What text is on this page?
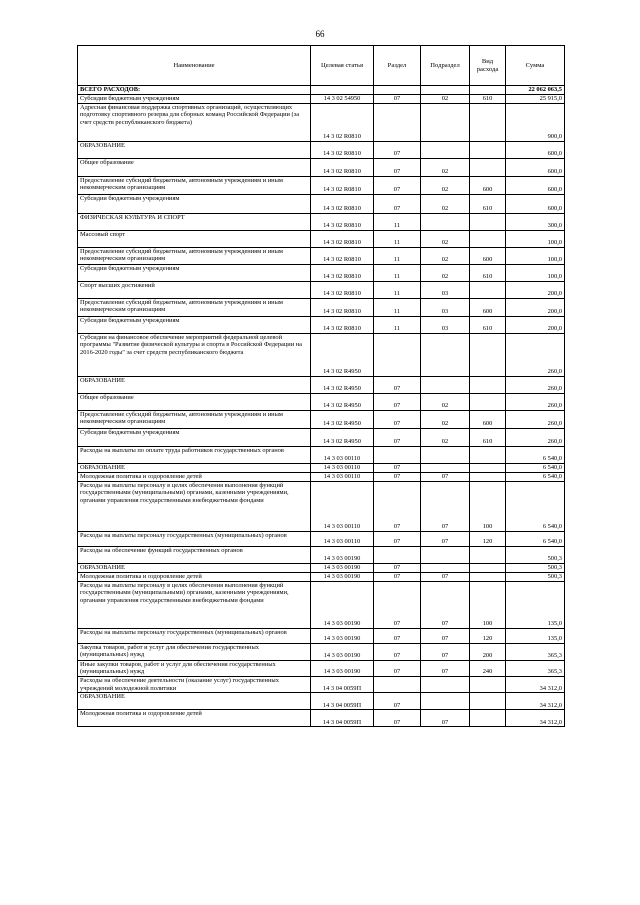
66
Наименование	Целевая статья	Раздел	Подраздел	Вид расхода	Сумма
ВСЕГО РАСХОДОВ:					22 062 063,5
Субсидии бюджетным учреждениям	14 3 02 54950	07	02	610	25 915,0
Адресная финансовая поддержка спортивных организаций, осуществляющих подготовку спортивного резерва для сборных команд Российской Федерации (за счет средств республиканского бюджета)	14 3 02 R0810				900,0
ОБРАЗОВАНИЕ	14 3 02 R0810	07			600,0
Общее образование	14 3 02 R0810	07	02		600,0
Предоставление субсидий бюджетным, автономным учреждениям и иным некоммерческим организациям	14 3 02 R0810	07	02	600	600,0
Субсидии бюджетным учреждениям	14 3 02 R0810	07	02	610	600,0
ФИЗИЧЕСКАЯ КУЛЬТУРА И СПОРТ	14 3 02 R0810	11			300,0
Массовый спорт	14 3 02 R0810	11	02		100,0
Предоставление субсидий бюджетным, автономным учреждениям и иным некоммерческим организациям	14 3 02 R0810	11	02	600	100,0
Субсидии бюджетным учреждениям	14 3 02 R0810	11	02	610	100,0
Спорт высших достижений	14 3 02 R0810	11	03		200,0
Предоставление субсидий бюджетным, автономным учреждениям и иным некоммерческим организациям	14 3 02 R0810	11	03	600	200,0
Субсидии бюджетным учреждениям	14 3 02 R0810	11	03	610	200,0
Субсидии на финансовое обеспечение мероприятий федеральной целевой программы "Развитие физической культуры и спорта в Российской Федерации на 2016-2020 годы" за счет средств республиканского бюджета	14 3 02 R4950				260,0
ОБРАЗОВАНИЕ	14 3 02 R4950	07			260,0
Общее образование	14 3 02 R4950	07	02		260,0
Предоставление субсидий бюджетным, автономным учреждениям и иным некоммерческим организациям	14 3 02 R4950	07	02	600	260,0
Субсидии бюджетным учреждениям	14 3 02 R4950	07	02	610	260,0
Расходы на выплаты по оплате труда работников государственных органов	14 3 03 00110				6 540,0
ОБРАЗОВАНИЕ	14 3 03 00110	07			6 540,0
Молодежная политика и оздоровление детей	14 3 03 00110	07	07		6 540,0
Расходы на выплаты персоналу в целях обеспечения выполнения функций государственными (муниципальными) органами, казенными учреждениями, органами управления государственными внебюджетными фондами	14 3 03 00110	07	07	100	6 540,0
Расходы на выплаты персоналу государственных (муниципальных) органов	14 3 03 00110	07	07	120	6 540,0
Расходы на обеспечение функций государственных органов	14 3 03 00190				500,3
ОБРАЗОВАНИЕ	14 3 03 00190	07			500,3
Молодежная политика и оздоровление детей	14 3 03 00190	07	07		500,3
Расходы на выплаты персоналу в целях обеспечения выполнения функций государственными (муниципальными) органами, казенными учреждениями, органами управления государственными внебюджетными фондами	14 3 03 00190	07	07	100	135,0
Расходы на выплаты персоналу государственных (муниципальных) органов	14 3 03 00190	07	07	120	135,0
Закупка товаров, работ и услуг для обеспечения государственных (муниципальных) нужд	14 3 03 00190	07	07	200	365,3
Иные закупки товаров, работ и услуг для обеспечения государственных (муниципальных) нужд	14 3 03 00190	07	07	240	365,3
Расходы на обеспечение деятельности (оказание услуг) государственных учреждений молодежной политики	14 3 04 0059П				34 312,0
ОБРАЗОВАНИЕ	14 3 04 0059П	07			34 312,0
Молодежная политика и оздоровление детей	14 3 04 0059П	07	07		34 312,0
